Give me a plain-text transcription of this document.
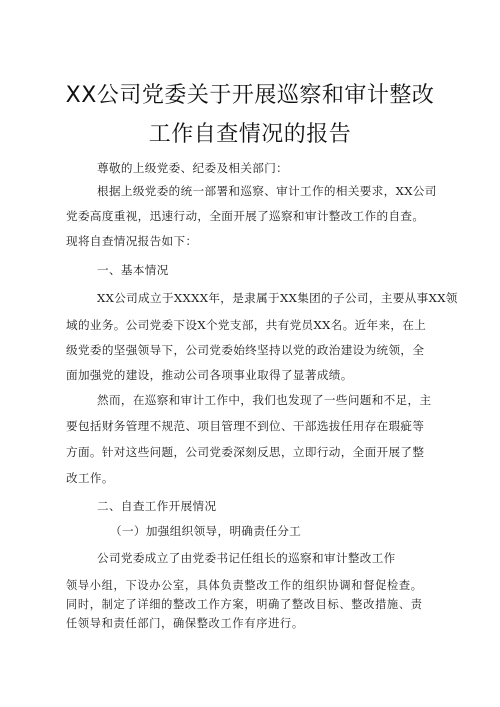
XX公司党委关于开展巡察和审计整改
工作自查情况的报告
尊敬的上级党委、纪委及相关部门：
根据上级党委的统一部署和巡察、审计工作的相关要求，XX公司
党委高度重视，迅速行动，全面开展了巡察和审计整改工作的自查。
现将自查情况报告如下：
一、基本情况
XX公司成立于XXXX年，是隶属于XX集团的子公司，主要从事XX领
域的业务。公司党委下设X个党支部，共有党员XX名。近年来，在上
级党委的坚强领导下，公司党委始终坚持以党的政治建设为统领，全
面加强党的建设，推动公司各项事业取得了显著成绩。
然而，在巡察和审计工作中，我们也发现了一些问题和不足，主
要包括财务管理不规范、项目管理不到位、干部选拔任用存在瑕疵等
方面。针对这些问题，公司党委深刻反思，立即行动，全面开展了整
改工作。
二、自查工作开展情况
（一）加强组织领导，明确责任分工
公司党委成立了由党委书记任组长的巡察和审计整改工作
领导小组，下设办公室，具体负责整改工作的组织协调和督促检查。
同时，制定了详细的整改工作方案，明确了整改目标、整改措施、责
任领导和责任部门，确保整改工作有序进行。
